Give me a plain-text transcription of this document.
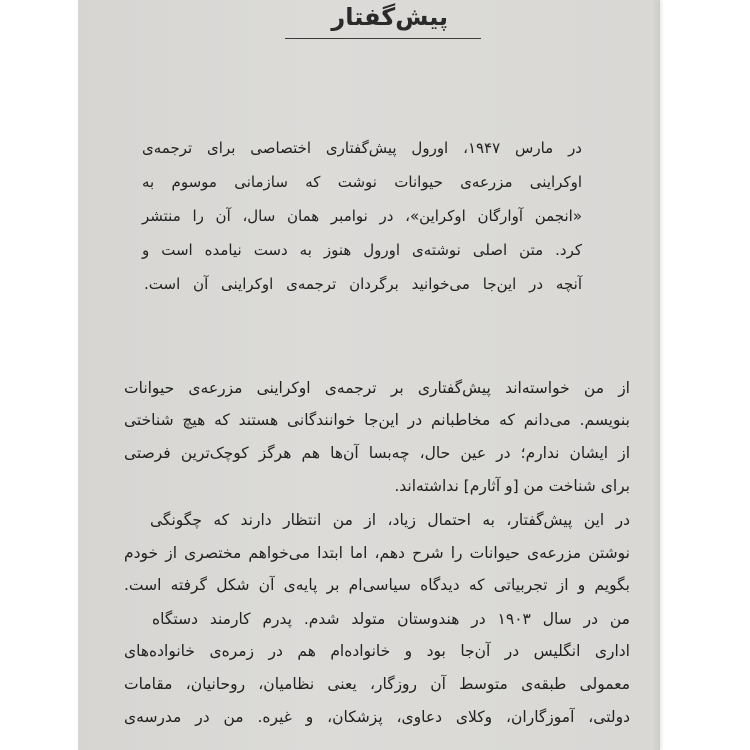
پیش‌گفتار

در مارس ۱۹۴۷، اورول پیش‌گفتاری اختصاصی برای ترجمه‌ی

اوکراینی مزرعه‌ی حیوانات نوشت که سازمانی موسوم به

«انجمن آوارگان اوکراین»، در نوامبر همان سال، آن را منتشر

کرد. متن اصلی نوشته‌ی اورول هنوز به دست نیامده است و

آنچه در این‌جا می‌خوانید برگردان ترجمه‌ی اوکراینی آن است.

از من خواسته‌اند پیش‌گفتاری بر ترجمه‌ی اوکراینی مزرعه‌ی حیوانات

بنویسم. می‌دانم که مخاطبانم در این‌جا خوانندگانی هستند که هیچ شناختی

از ایشان ندارم؛ در عین حال، چه‌بسا آن‌ها هم هرگز کوچک‌ترین فرصتی

برای شناخت من [و آثارم] نداشته‌اند.

در این پیش‌گفتار، به احتمال زیاد، از من انتظار دارند که چگونگی

نوشتن مزرعه‌ی حیوانات را شرح دهم، اما ابتدا می‌خواهم مختصری از خودم

بگویم و از تجربیاتی که دیدگاه سیاسی‌ام بر پایه‌ی آن شکل گرفته است.

من در سال ۱۹۰۳ در هندوستان متولد شدم. پدرم کارمند دستگاه

اداری انگلیس در آن‌جا بود و خانواده‌ام هم در زمره‌ی خانواده‌های

معمولی طبقه‌ی متوسط آن روزگار، یعنی نظامیان، روحانیان، مقامات

دولتی، آموزگاران، وکلای دعاوی، پزشکان، و غیره. من در مدرسه‌ی
